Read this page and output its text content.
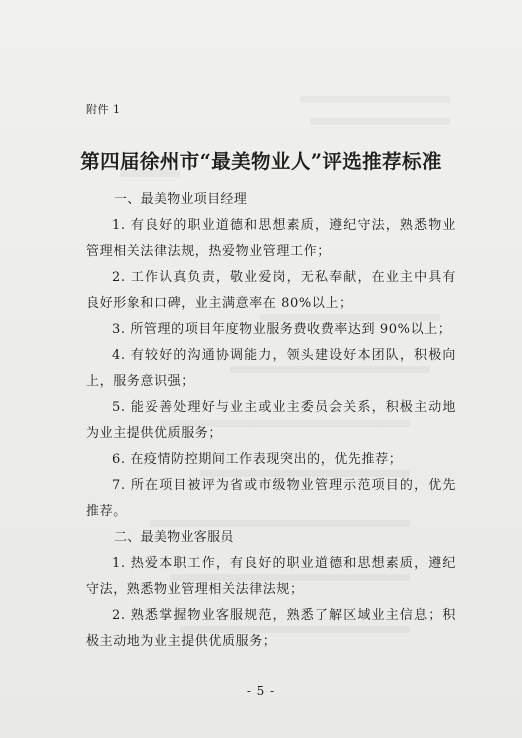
附件 1
第四届徐州市“最美物业人”评选推荐标准
一、最美物业项目经理
1. 有良好的职业道德和思想素质，遵纪守法，熟悉物业管理相关法律法规，热爱物业管理工作；
2. 工作认真负责，敬业爱岗，无私奉献，在业主中具有良好形象和口碑，业主满意率在 80%以上；
3. 所管理的项目年度物业服务费收费率达到 90%以上；
4. 有较好的沟通协调能力，领头建设好本团队，积极向上，服务意识强；
5. 能妥善处理好与业主或业主委员会关系，积极主动地为业主提供优质服务；
6. 在疫情防控期间工作表现突出的，优先推荐；
7. 所在项目被评为省或市级物业管理示范项目的，优先推荐。
二、最美物业客服员
1. 热爱本职工作，有良好的职业道德和思想素质，遵纪守法，熟悉物业管理相关法律法规；
2. 熟悉掌握物业客服规范，熟悉了解区域业主信息；积极主动地为业主提供优质服务；
- 5 -
